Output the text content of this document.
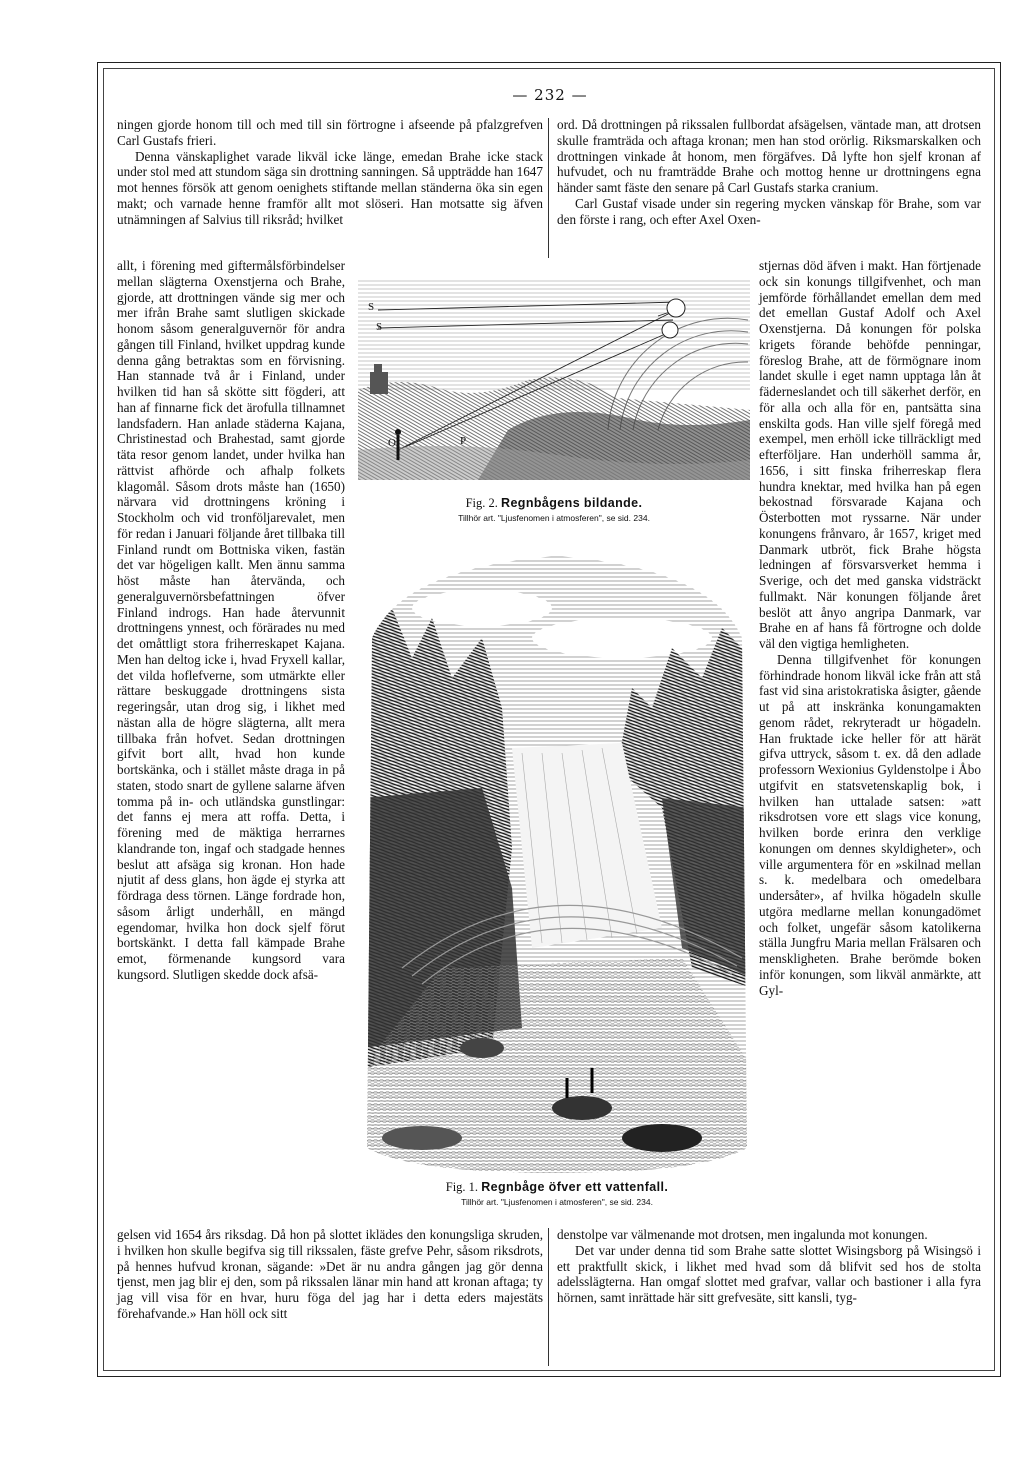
— 232 —

ningen gjorde honom till och med till sin förtrogne i afseende på pfalzgrefven Carl Gustafs frieri.

Denna vänskaplighet varade likväl icke länge, emedan Brahe icke stack under stol med att stundom säga sin drottning sanningen. Så uppträdde han 1647 mot hennes försök att genom oenighets stiftande mellan ständerna öka sin egen makt; och varnade henne framför allt mot slöseri. Han motsatte sig äfven utnämningen af Salvius till riksråd; hvilket

allt, i förening med giftermålsförbindelser mellan slägterna Oxenstjerna och Brahe, gjorde, att drottningen vände sig mer och mer ifrån Brahe samt slutligen skickade honom såsom generalguvernör för andra gången till Finland, hvilket uppdrag kunde denna gång betraktas som en förvisning. Han stannade två år i Finland, under hvilken tid han så skötte sitt fögderi, att han af finnarne fick det ärofulla tillnamnet landsfadern. Han anlade städerna Kajana, Christinestad och Brahestad, samt gjorde täta resor genom landet, under hvilka han rättvist afhörde och afhalp folkets klagomål. Såsom drots måste han (1650) närvara vid drottningens kröning i Stockholm och vid tronföljarevalet, men för redan i Januari följande året tillbaka till Finland rundt om Bottniska viken, fastän det var högeligen kallt. Men ännu samma höst måste han återvända, och generalguvernörsbefattningen öfver Finland indrogs. Han hade återvunnit drottningens ynnest, och förärades nu med det omåttligt stora friherreskapet Kajana. Men han deltog icke i, hvad Fryxell kallar, det vilda hoflefverne, som utmärkte eller rättare beskuggade drottningens sista regeringsår, utan drog sig, i likhet med nästan alla de högre slägterna, allt mera tillbaka från hofvet. Sedan drottningen gifvit bort allt, hvad hon kunde bortskänka, och i stället måste draga in på staten, stodo snart de gyllene salarne äfven tomma på in- och utländska gunstlingar: det fanns ej mera att roffa. Detta, i förening med de mäktiga herrarnes klandrande ton, ingaf och stadgade hennes beslut att afsäga sig kronan. Hon hade njutit af dess glans, hon ägde ej styrka att fördraga dess törnen. Länge fordrade hon, såsom årligt underhåll, en mängd egendomar, hvilka hon dock sjelf förut bortskänkt. I detta fall kämpade Brahe emot, förmenande kungsord vara kungsord. Slutligen skedde dock afsä-

gelsen vid 1654 års riksdag. Då hon på slottet iklädes den konungsliga skruden, i hvilken hon skulle begifva sig till rikssalen, fäste grefve Pehr, såsom riksdrots, på hennes hufvud kronan, sägande: »Det är nu andra gången jag gör denna tjenst, men jag blir ej den, som på rikssalen länar min hand att kronan aftaga; ty jag vill visa för en hvar, huru föga del jag har i detta eders majestäts förehafvande.» Han höll ock sitt

ord. Då drottningen på rikssalen fullbordat afsägelsen, väntade man, att drotsen skulle framträda och aftaga kronan; men han stod orörlig. Riksmarskalken och drottningen vinkade åt honom, men förgäfves. Då lyfte hon sjelf kronan af hufvudet, och nu framträdde Brahe och mottog henne ur drottningens egna händer samt fäste den senare på Carl Gustafs starka cranium.

Carl Gustaf visade under sin regering mycken vänskap för Brahe, som var den förste i rang, och efter Axel Oxen-

stjernas död äfven i makt. Han förtjenade ock sin konungs tillgifvenhet, och man jemförde förhållandet emellan dem med det emellan Gustaf Adolf och Axel Oxenstjerna. Då konungen för polska krigets förande behöfde penningar, föreslog Brahe, att de förmögnare inom landet skulle i eget namn upptaga lån åt fäderneslandet och till säkerhet derför, en för alla och alla för en, pantsätta sina enskilta gods. Han ville sjelf föregå med exempel, men erhöll icke tillräckligt med efterföljare. Han underhöll samma år, 1656, i sitt finska friherreskap flera hundra knektar, med hvilka han på egen bekostnad försvarade Kajana och Österbotten mot ryssarne. När under konungens frånvaro, år 1657, kriget med Danmark utbröt, fick Brahe högsta ledningen af försvarsverket hemma i Sverige, och det med ganska vidsträckt fullmakt. När konungen följande året beslöt att ånyo angripa Danmark, var Brahe en af hans få förtrogne och dolde väl den vigtiga hemligheten.

Denna tillgifvenhet för konungen förhindrade honom likväl icke från att stå fast vid sina aristokratiska åsigter, gående ut på att inskränka konungamakten genom rådet, rekryteradt ur högadeln. Han fruktade icke heller för att härät gifva uttryck, såsom t. ex. då den adlade professorn Wexionius Gyldenstolpe i Åbo utgifvit en statsvetenskaplig bok, i hvilken han uttalade satsen: »att riksdrotsen vore ett slags vice konung, hvilken borde erinra den verklige konungen om dennes skyldigheter», och ville argumentera för en »skilnad mellan s. k. medelbara och omedelbara undersåter», af hvilka högadeln skulle utgöra medlarne mellan konungadömet och folket, ungefär såsom katolikerna ställa Jungfru Maria mellan Frälsaren och menskligheten. Brahe berömde boken inför konungen, som likväl anmärkte, att Gyl-

denstolpe var välmenande mot drotsen, men ingalunda mot konungen.

Det var under denna tid som Brahe satte slottet Wisingsborg på Wisingsö i ett praktfullt skick, i likhet med hvad som då blifvit sed hos de stolta adelsslägterna. Han omgaf slottet med grafvar, vallar och bastioner i alla fyra hörnen, samt inrättade här sitt grefvesäte, sitt kansli, tyg-

S
S
O	P
Fig. 2. Regnbågens bildande.
Tillhör art. "Ljusfenomen i atmosferen", se sid. 234.
Fig. 1. Regnbåge öfver ett vattenfall.
Tillhör art. "Ljusfenomen i atmosferen", se sid. 234.
